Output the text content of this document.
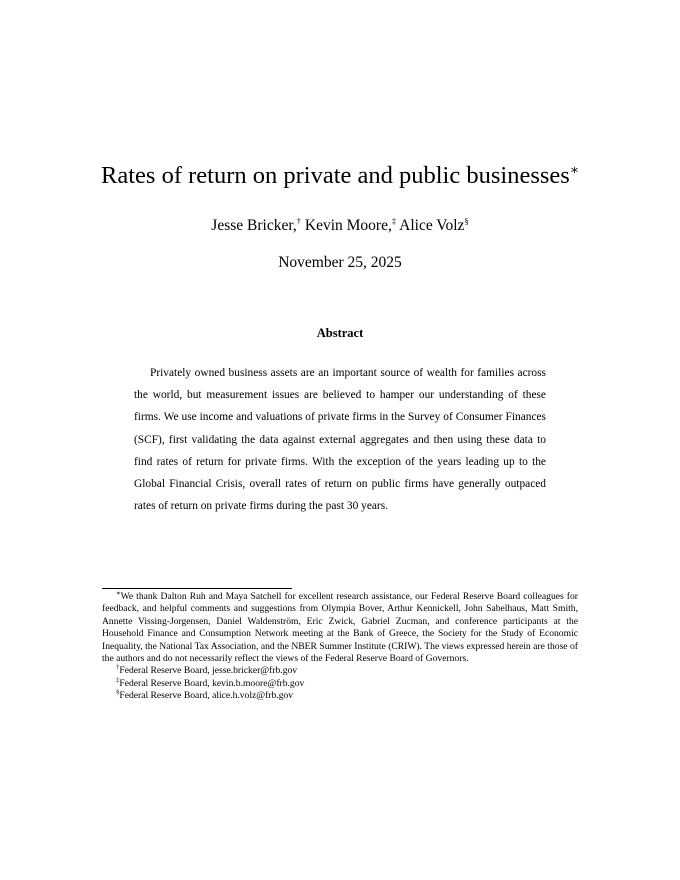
Rates of return on private and public businesses∗
Jesse Bricker,† Kevin Moore,‡ Alice Volz§
November 25, 2025
Abstract

Privately owned business assets are an important source of wealth for families across the world, but measurement issues are believed to hamper our understanding of these firms. We use income and valuations of private firms in the Survey of Consumer Finances (SCF), first validating the data against external aggregates and then using these data to find rates of return for private firms. With the exception of the years leading up to the Global Financial Crisis, overall rates of return on public firms have generally outpaced rates of return on private firms during the past 30 years.

∗We thank Dalton Ruh and Maya Satchell for excellent research assistance, our Federal Reserve Board colleagues for feedback, and helpful comments and suggestions from Olympia Bover, Arthur Kennickell, John Sabelhaus, Matt Smith, Annette Vissing-Jorgensen, Daniel Waldenström, Eric Zwick, Gabriel Zucman, and conference participants at the Household Finance and Consumption Network meeting at the Bank of Greece, the Society for the Study of Economic Inequality, the National Tax Association, and the NBER Summer Institute (CRIW). The views expressed herein are those of the authors and do not necessarily reflect the views of the Federal Reserve Board of Governors.

†Federal Reserve Board, jesse.bricker@frb.gov

‡Federal Reserve Board, kevin.b.moore@frb.gov

§Federal Reserve Board, alice.h.volz@frb.gov
